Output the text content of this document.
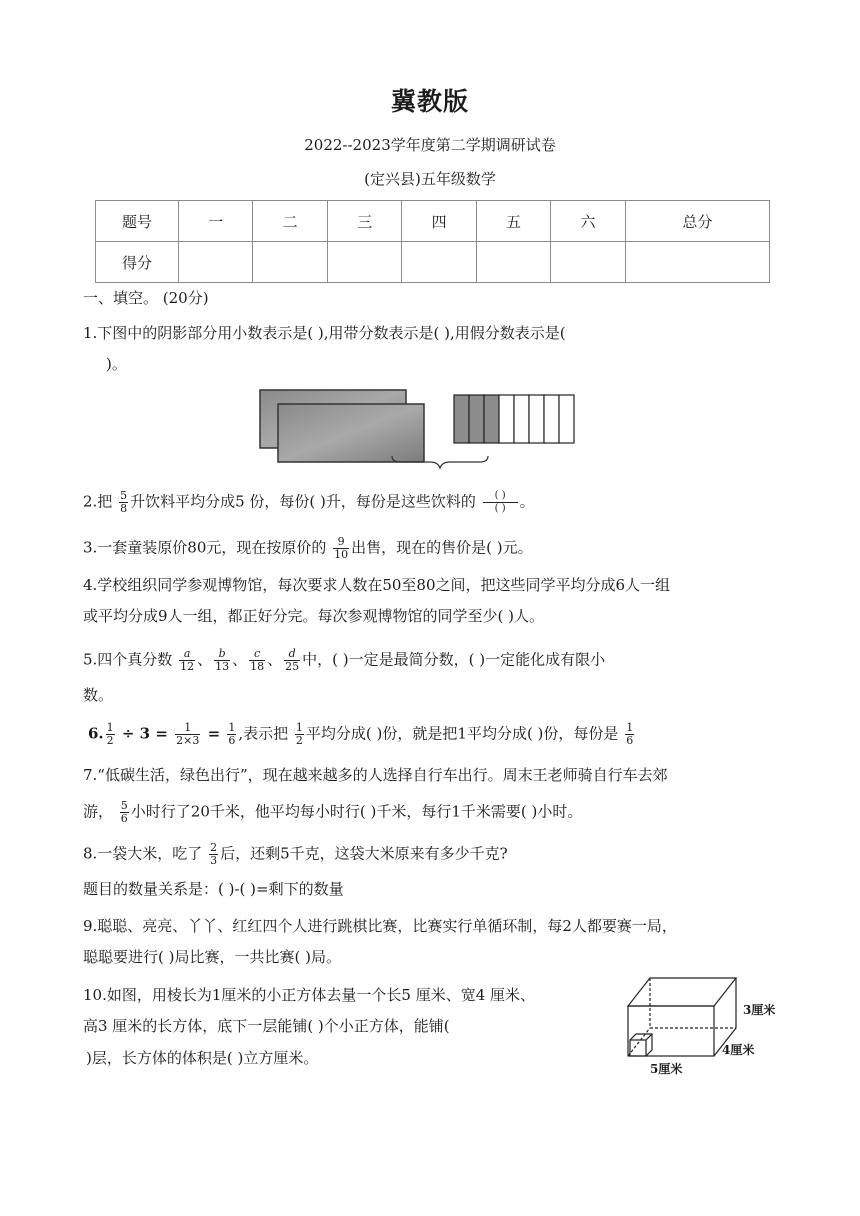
冀教版
2022--2023学年度第二学期调研试卷
(定兴县)五年级数学
题号	一	二	三	四	五	六	总分
得分							
一、填空。 (20分)
1.下图中的阴影部分用小数表示是( ),用带分数表示是( ),用假分数表示是(
)。
2.把 $\frac{5}{8}$ 升饮料平均分成5 份，每份( )升，每份是这些饮料的 $\frac{( )}{( )}$ 。
3.一套童装原价80元，现在按原价的 $\frac{9}{10}$ 出售，现在的售价是( )元。
4.学校组织同学参观博物馆，每次要求人数在50至80之间，把这些同学平均分成6人一组
或平均分成9人一组，都正好分完。每次参观博物馆的同学至少( )人。
5.四个真分数 $\frac{a}{12}$ 、 $\frac{b}{13}$ 、 $\frac{c}{18}$ 、 $\frac{d}{25}$ 中，( )一定是最简分数，( )一定能化成有限小
数。
6. $\frac{1}{2} \div 3 = \frac{1}{2\times 3} = \frac{1}{6}$ ,表示把 $\frac{1}{2}$ 平均分成( )份，就是把1平均分成( )份，每份是 $\frac{1}{6}$
7.“低碳生活，绿色出行”，现在越来越多的人选择自行车出行。周末王老师骑自行车去郊
游， $\frac{5}{6}$ 小时行了20千米，他平均每小时行( )千米，每行1千米需要( )小时。
8.一袋大米，吃了 $\frac{2}{3}$ 后，还剩5千克，这袋大米原来有多少千克?
题目的数量关系是：( )-( )=剩下的数量
9.聪聪、亮亮、丫丫、红红四个人进行跳棋比赛，比赛实行单循环制，每2人都要赛一局，
聪聪要进行( )局比赛，一共比赛( )局。
10.如图，用棱长为1厘米的小正方体去量一个长5 厘米、宽4 厘米、
高3 厘米的长方体，底下一层能铺( )个小正方体，能铺(
)层，长方体的体积是( )立方厘米。
3厘米
4厘米
5厘米
